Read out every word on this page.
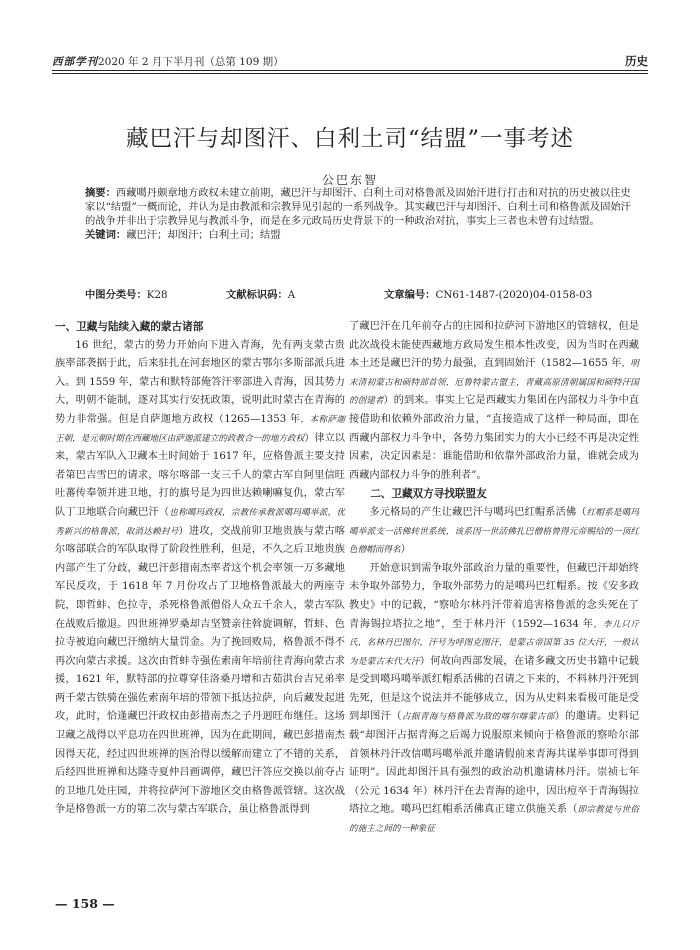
西部学刊2020 年 2 月下半月刊（总第 109 期）	历史
藏巴汗与却图汗、白利土司“结盟”一事考述
公巴东智
摘要：西藏噶丹颇章地方政权未建立前期，藏巴汗与却图汗、白利土司对格鲁派及固始汗进行打击和对抗的历史被以往史家以“结盟”一概而论，并认为是由教派和宗教异见引起的一系列战争。其实藏巴汗与却图汗、白利土司和格鲁派及固始汗的战争并非出于宗教异见与教派斗争，而是在多元政局历史背景下的一种政治对抗，事实上三者也未曾有过结盟。
关键词：藏巴汗；却图汗；白利土司；结盟
中图分类号：K28	文献标识码：A	文章编号：CN61-1487-(2020)04-0158-03
一、卫藏与陆续入藏的蒙古诸部

16 世纪，蒙古的势力开始向下进入青海，先有两支蒙古贵族率部袭据于此，后来驻扎在河套地区的蒙古鄂尔多斯部派兵进入。到 1559 年，蒙古和默特部俺答汗率部进入青海，因其势力大，明朝不能制，逐对其实行安抚政策，说明此时蒙古在青海的势力非常强。但是自萨迦地方政权（1265—1353 年，本称萨迦王朝，是元朝时期在西藏地区由萨迦派建立的政教合一的地方政权）律立以来，蒙古军队入卫藏本土时间始于 1617 年，应格鲁派主要支持者第巴吉雪巴的请求，喀尔喀部一支三千人的蒙古军自阿里信旺吐蕃传奉领并进卫地，打的旗号是为四世达赖喇嘛复仇，蒙古军队丁卫地联合向藏巴汗（也称噶玛政权，宗教传承教派噶玛噶举派，优秀新兴的格鲁派，取消达赖封号）进攻，交战前卯卫地贵族与蒙古喀尔喀部联合的军队取得了阶段性胜利，但是，不久之后卫地贵族内部产生了分歧，藏巴汗彭措南杰率者这个机会率领一万多藏地军民反攻，于 1618 年 7 月份攻占了卫地格鲁派最大的两座寺院，即哲蚌、色拉寺，杀死格鲁派僧俗人众五千余人，蒙古军队在战败后撤退。四世班禅罗桑却吉坚赞亲往斡旋调解，哲蚌、色拉寺被迫向藏巴汗缴纳大量罚金。为了挽回败局，格鲁派不得不再次向蒙古求援。这次由哲蚌寺强佐索南年培前往青海向蒙古求援，1621 年，默特部的拉尊穿佳洛桑丹增和古茹洪台吉兄弟率两千蒙古铁骑在强佐索南年培的带领下抵达拉萨，向后藏发起进攻，此时，恰逢藏巴汗政权由彭措南杰之子丹迥旺布继任。这场卫藏之战得以平息功在四世班禅，因为在此期间，藏巴彭措南杰因得天花，经过四世班禅的医治得以缓解而建立了不错的关系，后经四世班禅和达隆寺夏仲吕画调停，藏巴汗答应交换以前夺占的卫地几处庄园，并将拉萨河下游地区交由格鲁派管辖。这次战争是格鲁派一方的第二次与蒙古军联合，虽让格鲁派得到

了藏巴汗在几年前夺占的庄园和拉萨河下游地区的管辖权，但是此次战役未能使西藏地方政局发生根本性改变，因为当时在西藏本土还是藏巴汗的势力最强，直到固始汗（1582—1655 年，明末清初蒙古和硕特部首领，厄鲁特蒙古盟主，青藏高原清朝属国和硕特汗国的创建者）的到来。事实上它是西藏实力集团在内部权力斗争中直接借助和依赖外部政治力量，“直接造成了这样一种局面，即在西藏内部权力斗争中，各势力集团实力的大小已经不再是决定性因素，决定因素是：谁能借助和依靠外部政治力量，谁就会成为西藏内部权力斗争的胜利者”。

二、卫藏双方寻找联盟友

多元格局的产生让藏巴汗与噶玛巴红帽系活佛（红帽系是噶玛噶举派支一活佛转世系统，该系因一世活佛扎巴僧格曾得元帝赐给的一顶红色僧帽而得名）

开始意识到需争取外部政治力量的重要性，但藏巴汗却始终未争取外部势力，争取外部势力的是噶玛巴红帽系。按《安多政教史》中的记载，“察哈尔林丹汗带着追害格鲁派的念头死在了青海锡拉塔拉之地”，至于林丹汗（1592—1634 年，李儿只斤氏，名林丹巴图尔，汗号为呼图克图汗，是蒙古帝国第 35 位大汗，一般认为是蒙古末代大汗）何故向西部发展，在诸多藏文历史书籍中记载是受到噶玛噶举派红帽系活佛的召请之下来的，不料林丹汗死到先死，但是这个说法并不能够成立，因为从史料来看极可能是受到却图汗（占据青海与格鲁派为敌的喀尔喀蒙古部）的邀请。史料记载“却图汗占据青海之后竭力说服原来倾向于格鲁派的察哈尔部首领林丹汗改信噶玛噶举派并邀请假前来青海共谋举事即可得到证明”。因此却图汗具有强烈的政治动机邀请林丹汗。崇祯七年（公元 1634 年）林丹汗在去青海的途中，因出痘卒于青海锡拉塔拉之地。噶玛巴红帽系活佛真正建立供施关系（即宗教徒与世俗的施主之间的一种象征

— 158 —
